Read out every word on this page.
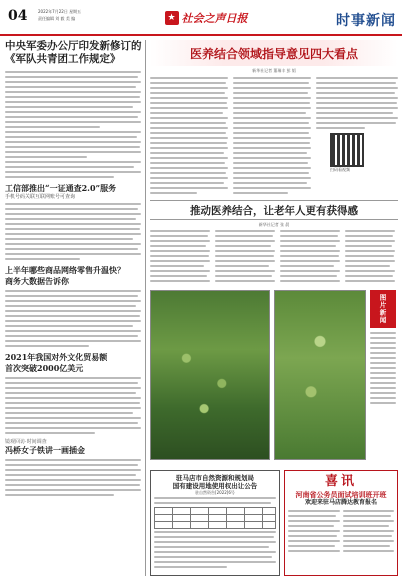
04	2022年7月22日 星期五
责任编辑 刘 毅 美 编	★ 社会之声日报	时事新闻
中央军委办公厅印发新修订的
《军队共青团工作规定》
工信部推出“一证通查2.0”服务
手机号码关联互联网账号可查询
上半年哪些商品网络零售升温快？
商务大数据告诉你
2021年我国对外文化贸易额
首次突破2000亿美元
镜观回访·时间调查
冯桥女子铁讲一画插金
医养结合领域指导意见四大看点
新华社记者 董瑞丰 彭 韬
扫码看视频
推动医养结合，让老年人更有获得感
新华社记者 张 晨
图片新闻
驻马店市自然资源和规划局
国有建设用地使用权出让公告
驻自然资告[2022]6号
喜讯
河南省公务员面试培训班开班
欢迎来驻马店腾达教育报名
